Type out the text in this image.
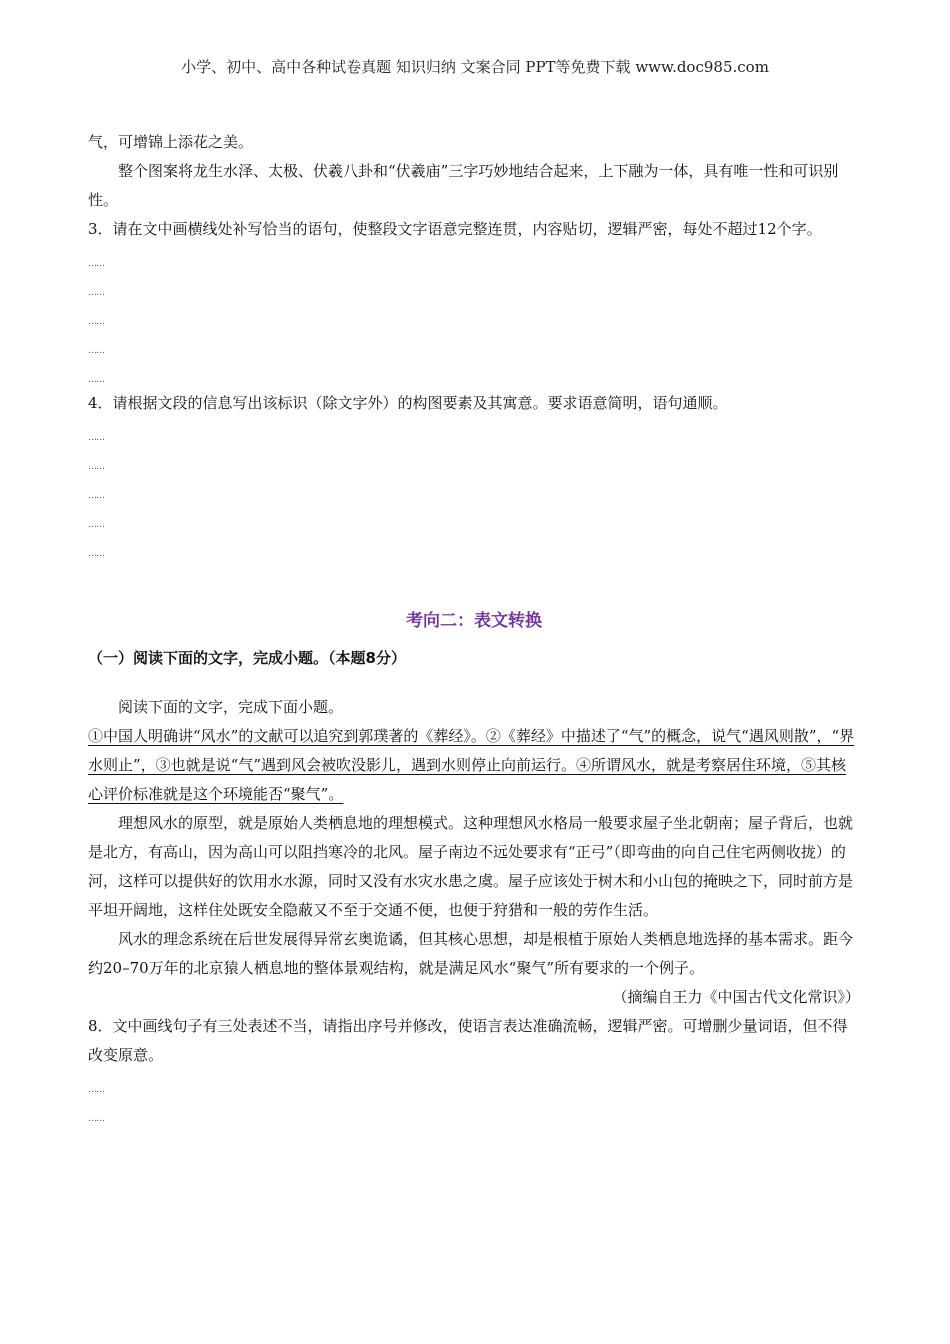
小学、初中、高中各种试卷真题 知识归纳 文案合同 PPT等免费下载 www.doc985.com

气，可增锦上添花之美。

整个图案将龙生水泽、太极、伏羲八卦和“伏羲庙”三字巧妙地结合起来，上下融为一体，具有唯一性和可识别性。

3．请在文中画横线处补写恰当的语句，使整段文字语意完整连贯，内容贴切，逻辑严密，每处不超过12个字。

……
……
……
……
……

4．请根据文段的信息写出该标识（除文字外）的构图要素及其寓意。要求语意简明，语句通顺。

……
……
……
……
……

考向二：表文转换

（一）阅读下面的文字，完成小题。（本题8分）

阅读下面的文字，完成下面小题。

①中国人明确讲“风水”的文献可以追究到郭璞著的《葬经》。②《葬经》中描述了“气”的概念，说气“遇风则散”，“界水则止”，③也就是说“气”遇到风会被吹没影儿，遇到水则停止向前运行。④所谓风水，就是考察居住环境，⑤其核心评价标准就是这个环境能否“聚气”。

理想风水的原型，就是原始人类栖息地的理想模式。这种理想风水格局一般要求屋子坐北朝南；屋子背后，也就是北方，有高山，因为高山可以阻挡寒冷的北风。屋子南边不远处要求有“正弓”（即弯曲的向自己住宅两侧收拢）的河，这样可以提供好的饮用水水源，同时又没有水灾水患之虞。屋子应该处于树木和小山包的掩映之下，同时前方是平坦开阔地，这样住处既安全隐蔽又不至于交通不便，也便于狩猎和一般的劳作生活。

风水的理念系统在后世发展得异常玄奥诡谲，但其核心思想，却是根植于原始人类栖息地选择的基本需求。距今约20–70万年的北京猿人栖息地的整体景观结构，就是满足风水“聚气”所有要求的一个例子。

（摘编自王力《中国古代文化常识》）

8．文中画线句子有三处表述不当，请指出序号并修改，使语言表达准确流畅，逻辑严密。可增删少量词语，但不得改变原意。

……
……
